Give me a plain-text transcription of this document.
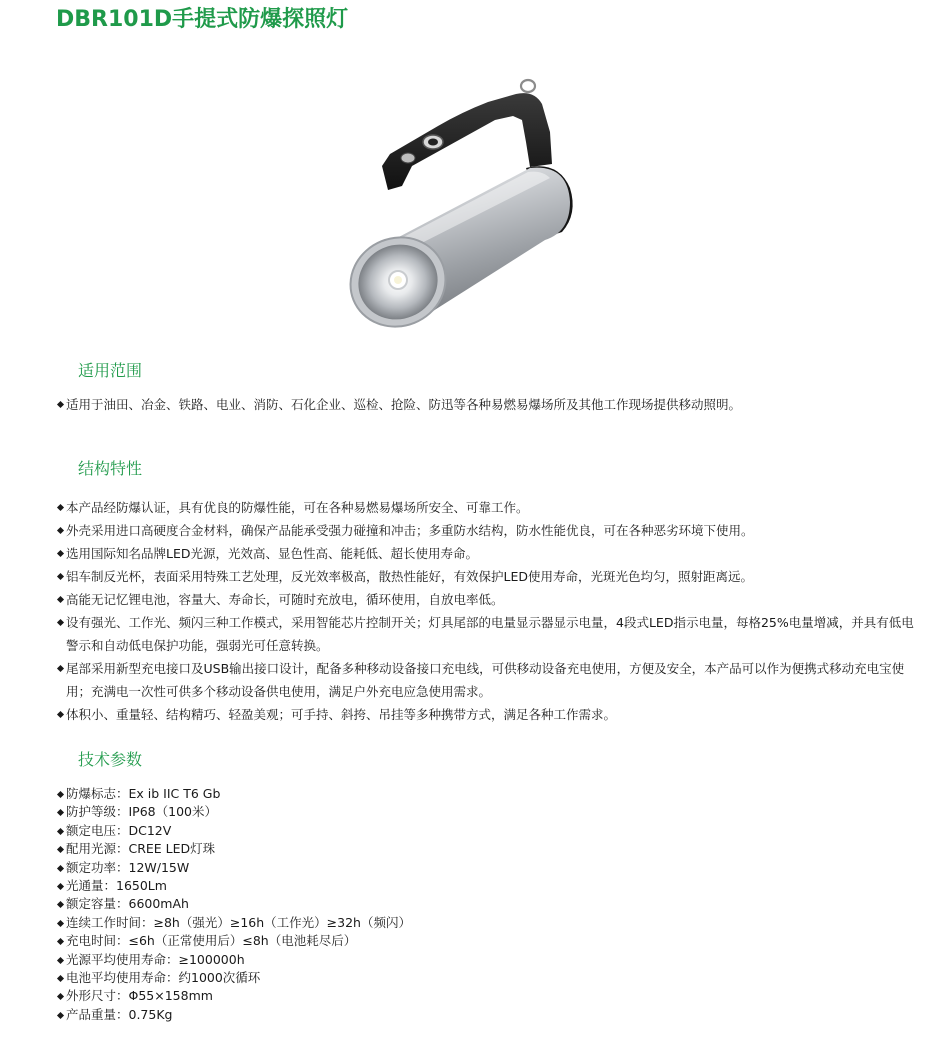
DBR101D手提式防爆探照灯
适用范围
适用于油田、冶金、铁路、电业、消防、石化企业、巡检、抢险、防迅等各种易燃易爆场所及其他工作现场提供移动照明。
结构特性
本产品经防爆认证，具有优良的防爆性能，可在各种易燃易爆场所安全、可靠工作。
外壳采用进口高硬度合金材料，确保产品能承受强力碰撞和冲击；多重防水结构，防水性能优良，可在各种恶劣环境下使用。
选用国际知名品牌LED光源，光效高、显色性高、能耗低、超长使用寿命。
铝车制反光杯，表面采用特殊工艺处理，反光效率极高，散热性能好，有效保护LED使用寿命，光斑光色均匀，照射距离远。
高能无记忆锂电池，容量大、寿命长，可随时充放电，循环使用，自放电率低。
设有强光、工作光、频闪三种工作模式，采用智能芯片控制开关；灯具尾部的电量显示器显示电量，4段式LED指示电量，每格25%电量增减，并具有低电警示和自动低电保护功能，强弱光可任意转换。
尾部采用新型充电接口及USB输出接口设计，配备多种移动设备接口充电线，可供移动设备充电使用，方便及安全，本产品可以作为便携式移动充电宝使用；充满电一次性可供多个移动设备供电使用，满足户外充电应急使用需求。
体积小、重量轻、结构精巧、轻盈美观；可手持、斜挎、吊挂等多种携带方式，满足各种工作需求。
技术参数
防爆标志：Ex ib IIC T6 Gb
防护等级：IP68（100米）
额定电压：DC12V
配用光源：CREE LED灯珠
额定功率：12W/15W
光通量：1650Lm
额定容量：6600mAh
连续工作时间：≥8h（强光）≥16h（工作光）≥32h（频闪）
充电时间：≤6h（正常使用后）≤8h（电池耗尽后）
光源平均使用寿命：≥100000h
电池平均使用寿命：约1000次循环
外形尺寸：Φ55×158mm
产品重量：0.75Kg
